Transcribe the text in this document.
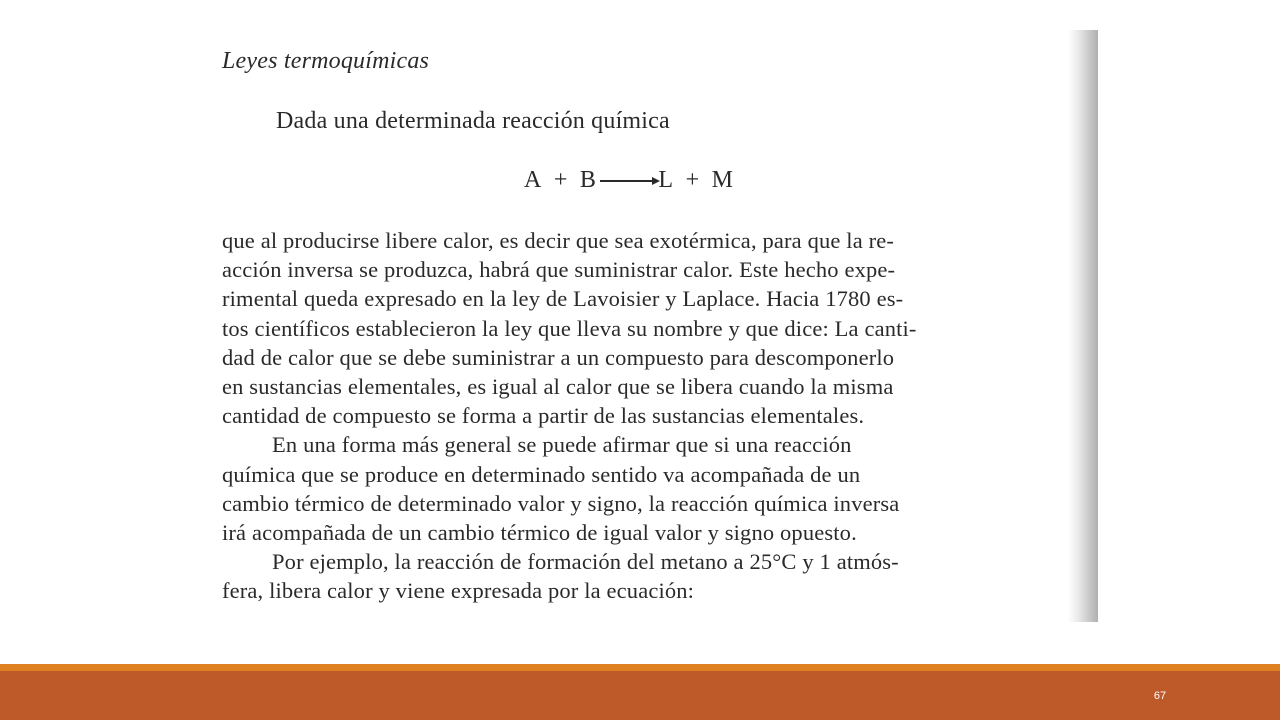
Leyes termoquímicas
Dada una determinada reacción química
A + B → L + M
que al producirse libere calor, es decir que sea exotérmica, para que la re-
acción inversa se produzca, habrá que suministrar calor. Este hecho expe-
rimental queda expresado en la ley de Lavoisier y Laplace. Hacia 1780 es-
tos científicos establecieron la ley que lleva su nombre y que dice: La canti-
dad de calor que se debe suministrar a un compuesto para descomponerlo
en sustancias elementales, es igual al calor que se libera cuando la misma
cantidad de compuesto se forma a partir de las sustancias elementales.
En una forma más general se puede afirmar que si una reacción
química que se produce en determinado sentido va acompañada de un
cambio térmico de determinado valor y signo, la reacción química inversa
irá acompañada de un cambio térmico de igual valor y signo opuesto.
Por ejemplo, la reacción de formación del metano a 25°C y 1 atmós-
fera, libera calor y viene expresada por la ecuación:
67
